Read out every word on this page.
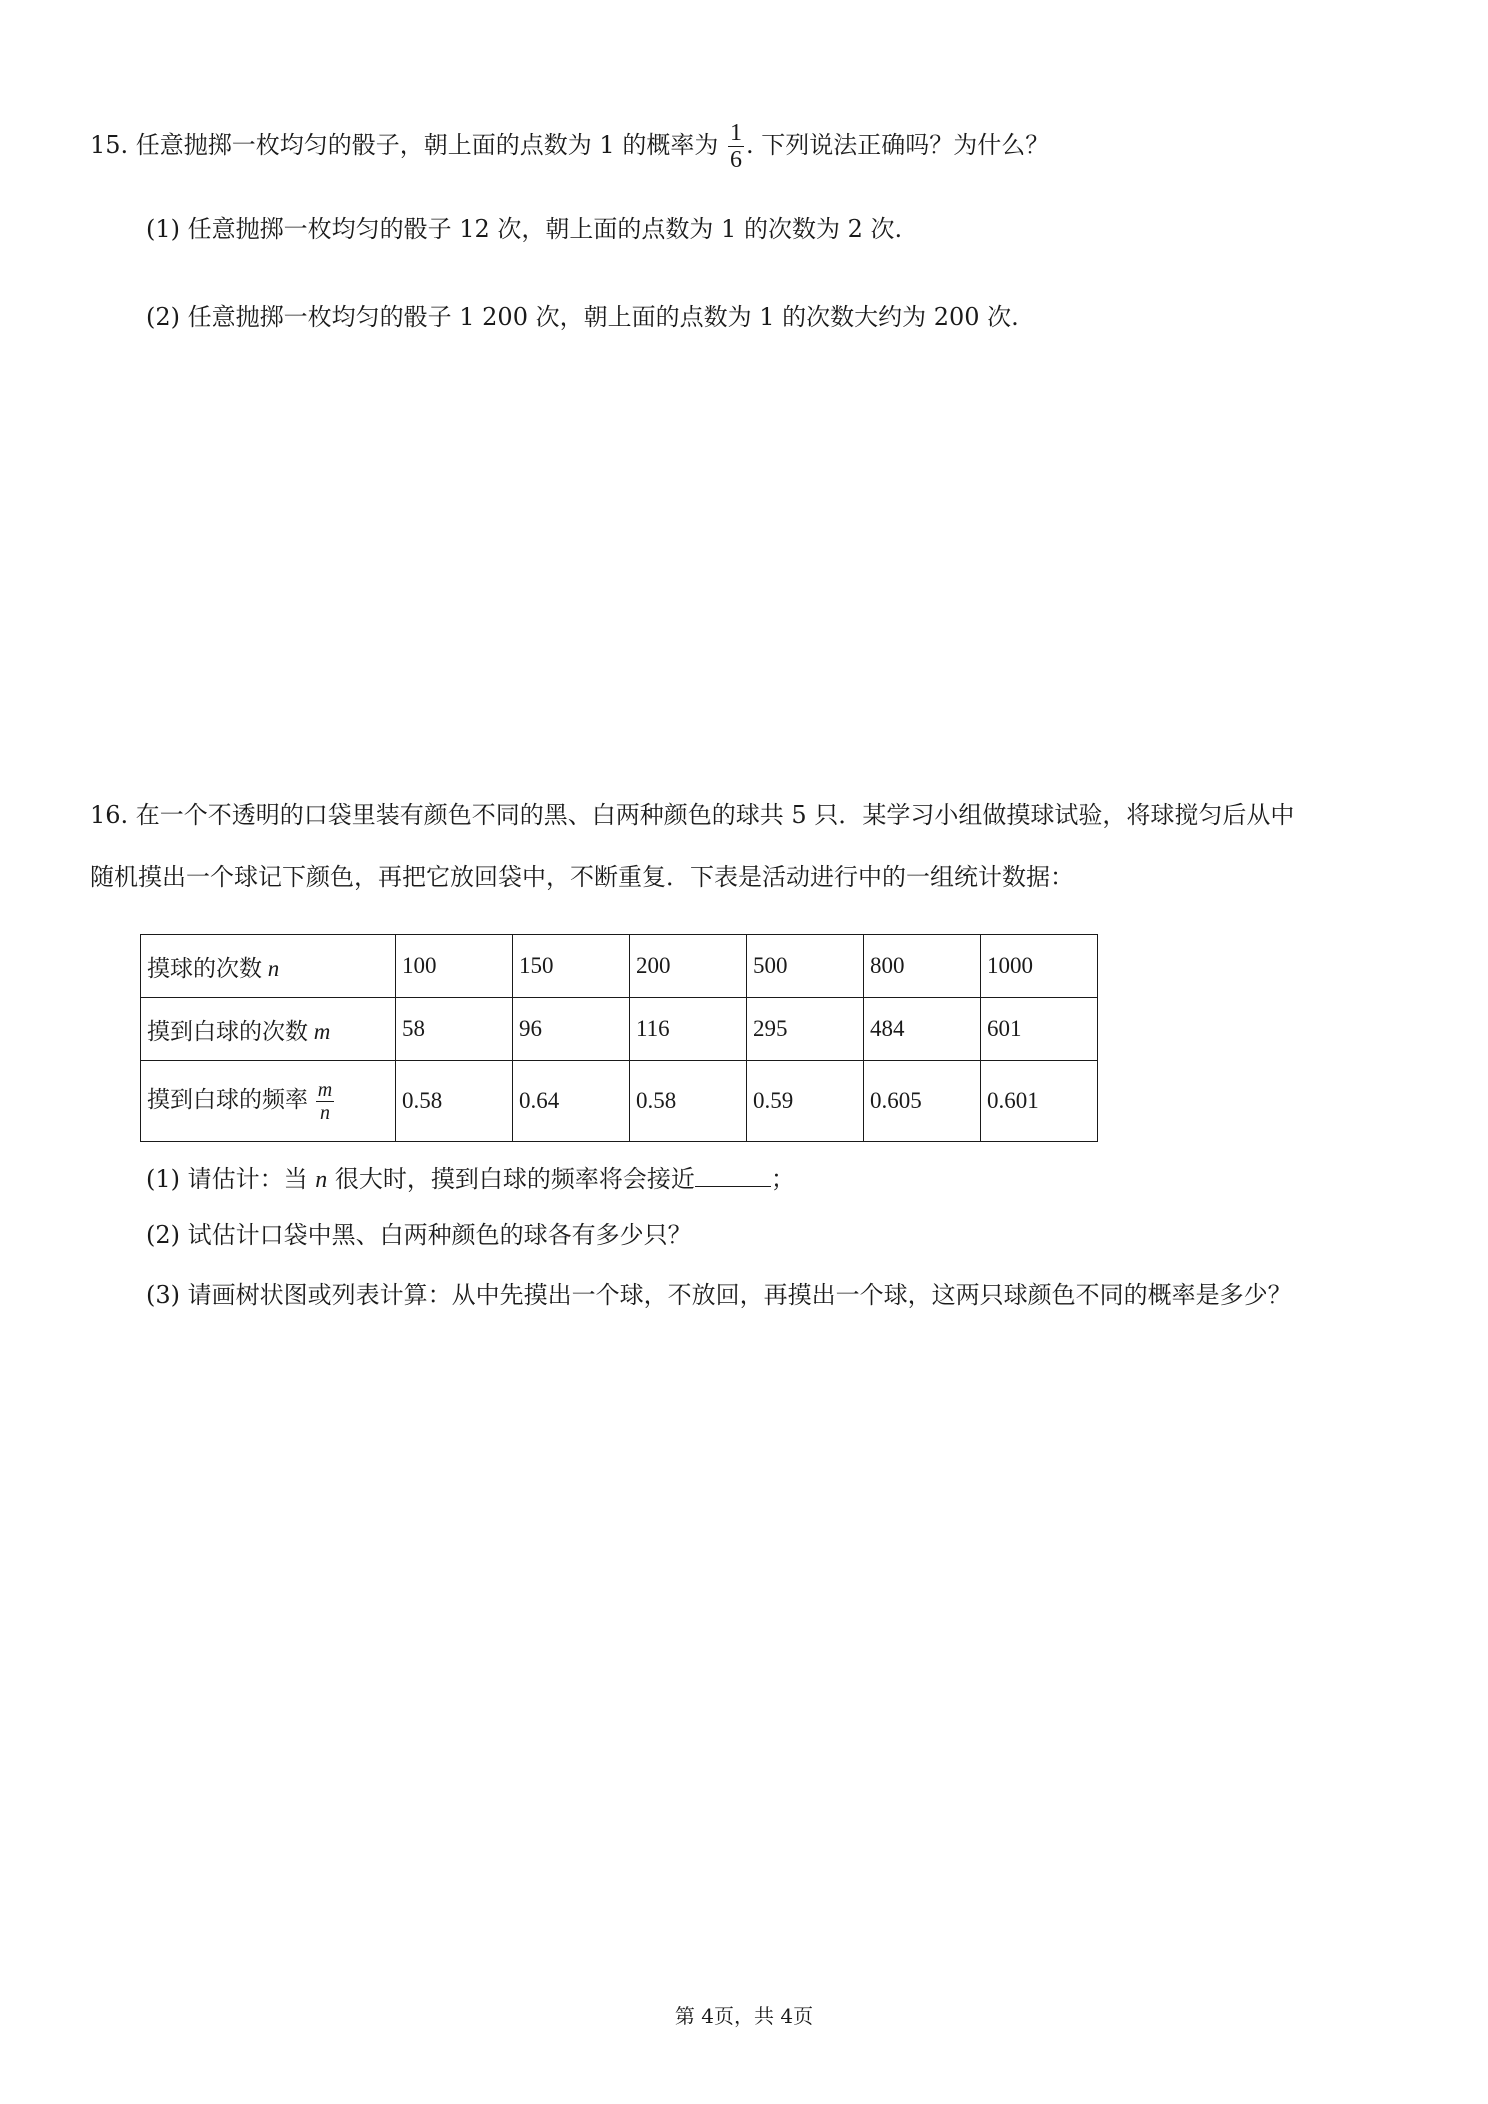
15. 任意抛掷一枚均匀的骰子，朝上面的点数为 1 的概率为 $\frac{1}{6}$ . 下列说法正确吗？为什么？
(1) 任意抛掷一枚均匀的骰子 12 次，朝上面的点数为 1 的次数为 2 次.
(2) 任意抛掷一枚均匀的骰子 1 200 次，朝上面的点数为 1 的次数大约为 200 次.
16. 在一个不透明的口袋里装有颜色不同的黑、白两种颜色的球共 5 只．某学习小组做摸球试验，将球搅匀后从中
随机摸出一个球记下颜色，再把它放回袋中，不断重复．下表是活动进行中的一组统计数据：
摸球的次数 n	100	150	200	500	800	1000
摸到白球的次数 m	58	96	116	295	484	601
摸到白球的频率 $\frac{m}{n}$	0.58	0.64	0.58	0.59	0.605	0.601
(1) 请估计：当 n 很大时，摸到白球的频率将会接近	；
(2) 试估计口袋中黑、白两种颜色的球各有多少只？
(3) 请画树状图或列表计算：从中先摸出一个球，不放回，再摸出一个球，这两只球颜色不同的概率是多少？
第 4页，共 4页
